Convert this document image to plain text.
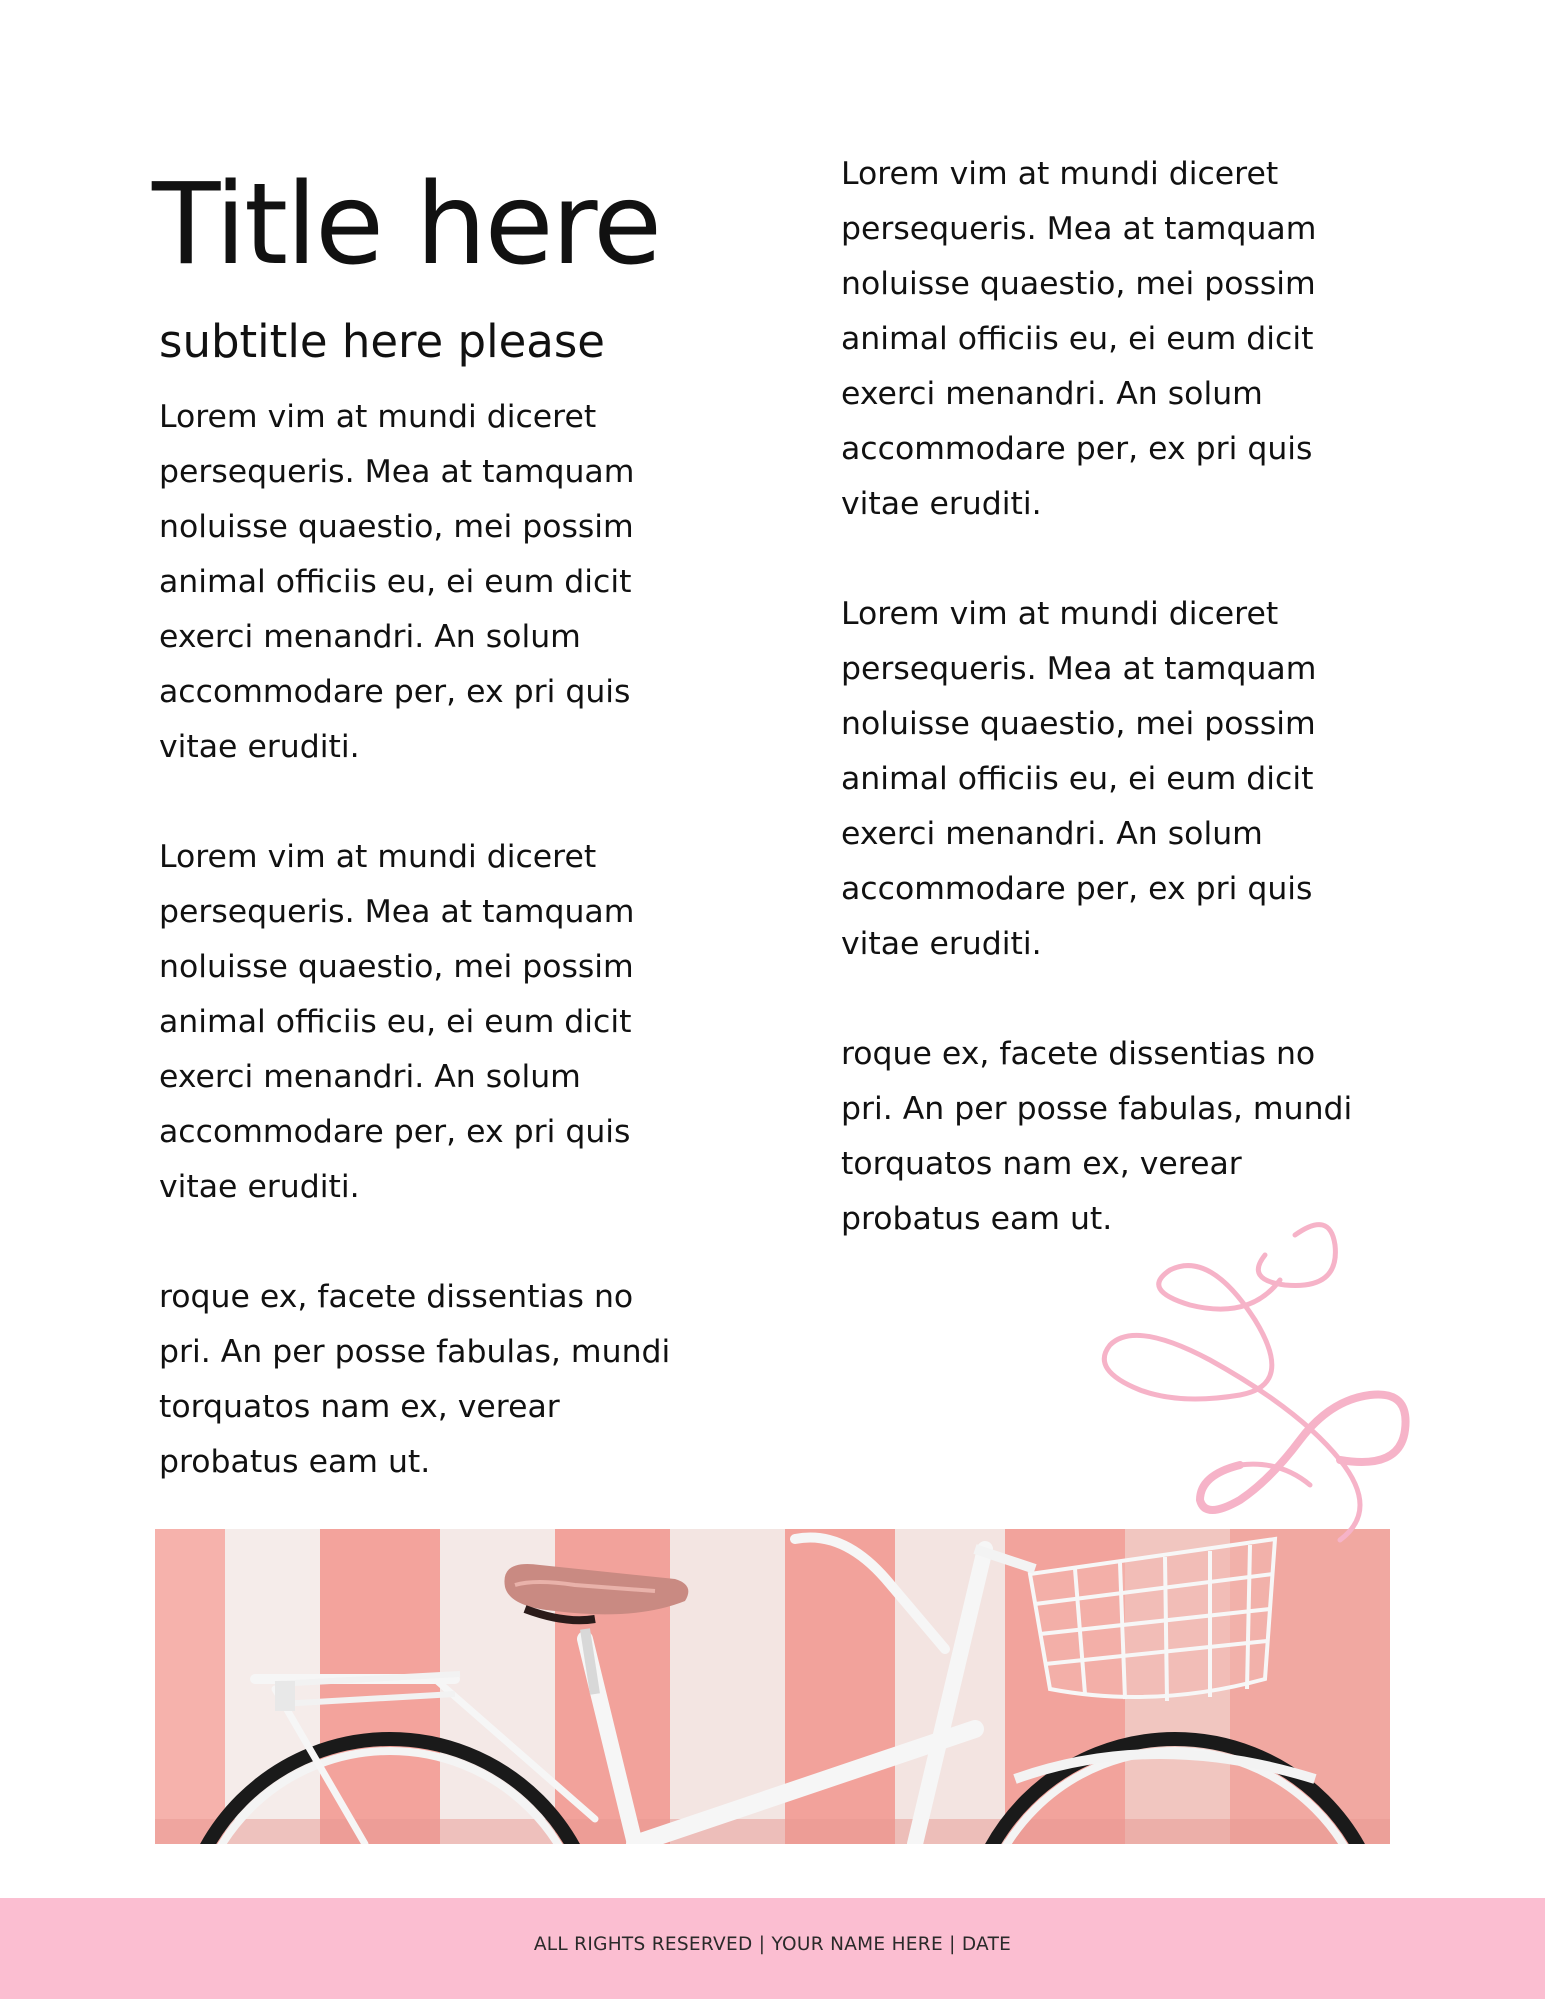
Title here
subtitle here please

Lorem vim at mundi diceret
persequeris. Mea at tamquam
noluisse quaestio, mei possim
animal officiis eu, ei eum dicit
exerci menandri. An solum
accommodare per, ex pri quis
vitae eruditi.

Lorem vim at mundi diceret
persequeris. Mea at tamquam
noluisse quaestio, mei possim
animal officiis eu, ei eum dicit
exerci menandri. An solum
accommodare per, ex pri quis
vitae eruditi.

roque ex, facete dissentias no
pri. An per posse fabulas, mundi
torquatos nam ex, verear
probatus eam ut.

Lorem vim at mundi diceret
persequeris. Mea at tamquam
noluisse quaestio, mei possim
animal officiis eu, ei eum dicit
exerci menandri. An solum
accommodare per, ex pri quis
vitae eruditi.

Lorem vim at mundi diceret
persequeris. Mea at tamquam
noluisse quaestio, mei possim
animal officiis eu, ei eum dicit
exerci menandri. An solum
accommodare per, ex pri quis
vitae eruditi.

roque ex, facete dissentias no
pri. An per posse fabulas, mundi
torquatos nam ex, verear
probatus eam ut.

ALL RIGHTS RESERVED | YOUR NAME HERE | DATE
